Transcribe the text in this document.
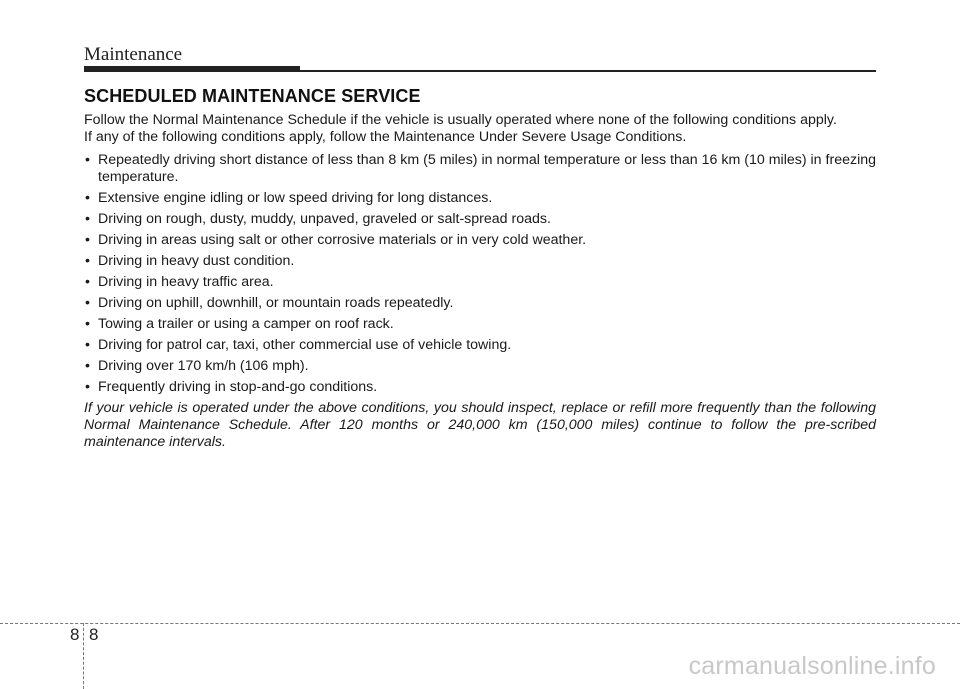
Maintenance
SCHEDULED MAINTENANCE SERVICE

Follow the Normal Maintenance Schedule if the vehicle is usually operated where none of the following conditions apply.
If any of the following conditions apply, follow the Maintenance Under Severe Usage Conditions.

• Repeatedly driving short distance of less than 8 km (5 miles) in normal temperature or less than 16 km (10 miles) in freezing temperature.
• Extensive engine idling or low speed driving for long distances.
• Driving on rough, dusty, muddy, unpaved, graveled or salt-spread roads.
• Driving in areas using salt or other corrosive materials or in very cold weather.
• Driving in heavy dust condition.
• Driving in heavy traffic area.
• Driving on uphill, downhill, or mountain roads repeatedly.
• Towing a trailer or using a camper on roof rack.
• Driving for patrol car, taxi, other commercial use of vehicle towing.
• Driving over 170 km/h (106 mph).
• Frequently driving in stop-and-go conditions.

If your vehicle is operated under the above conditions, you should inspect, replace or refill more frequently than the following Normal Maintenance Schedule. After 120 months or 240,000 km (150,000 miles) continue to follow the pre-scribed maintenance intervals.

8 8
carmanualsonline.info
